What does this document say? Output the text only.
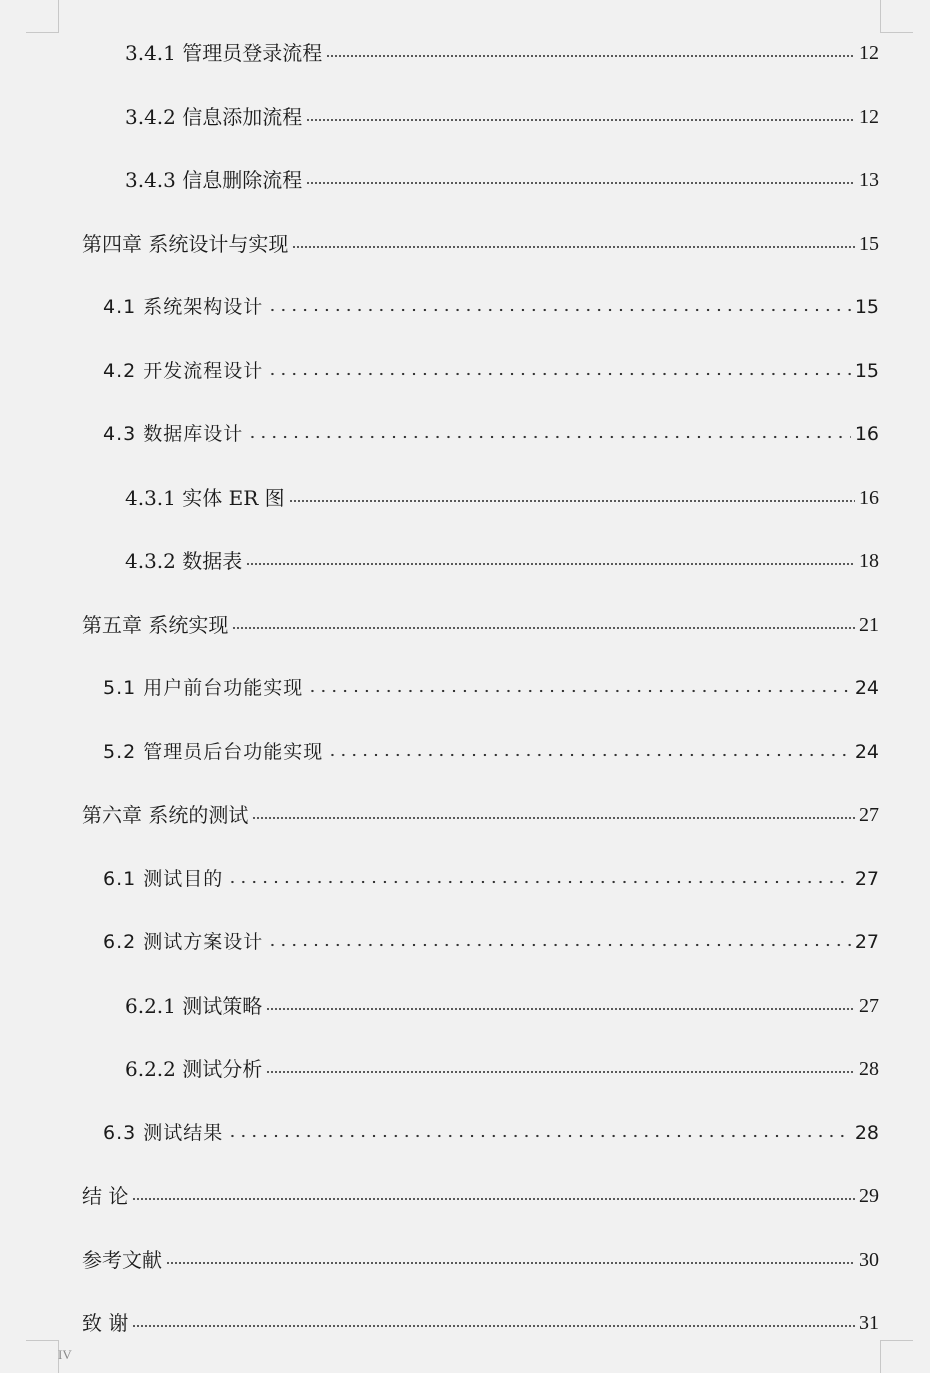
3.4.1 管理员登录流程	12
3.4.2 信息添加流程	12
3.4.3 信息删除流程	13
第四章 系统设计与实现	15
4.1 系统架构设计	15
4.2 开发流程设计	15
4.3 数据库设计	16
4.3.1 实体 ER 图	16
4.3.2 数据表	18
第五章 系统实现	21
5.1 用户前台功能实现	24
5.2 管理员后台功能实现	24
第六章 系统的测试	27
6.1 测试目的	27
6.2 测试方案设计	27
6.2.1 测试策略	27
6.2.2 测试分析	28
6.3 测试结果	28
结 论	29
参考文献	30
致 谢	31
IV
